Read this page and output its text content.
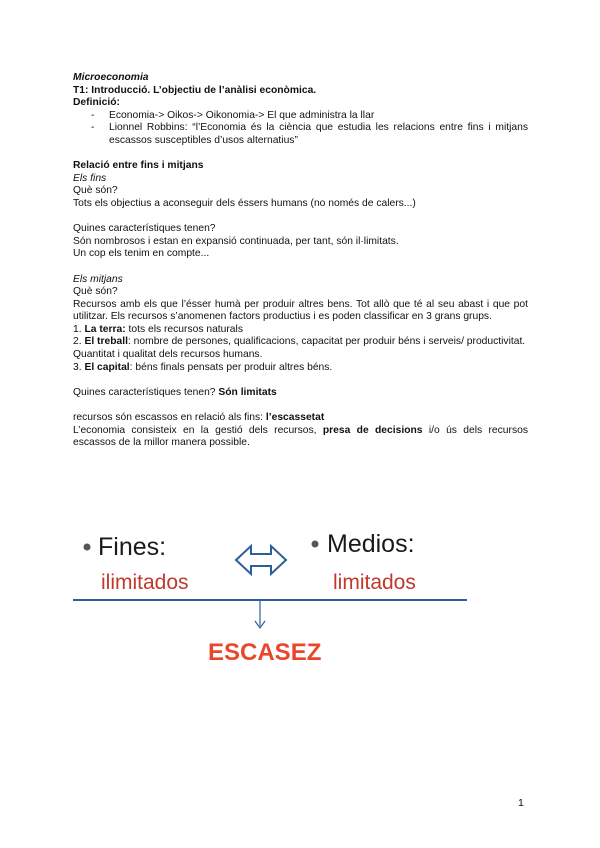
Microeconomia
T1: Introducció. L’objectiu de l’anàlisi econòmica.
Definició:
- Economia-> Oikos-> Oikonomia-> El que administra la llar
- Lionnel Robbins: “l’Economia és la ciència que estudia les relacions entre fins i mitjans escassos susceptibles d’usos alternatius”
Relació entre fins i mitjans
Els fins
Què són?
Tots els objectius a aconseguir dels éssers humans (no només de calers...)
Quines característiques tenen?
Són nombrosos i estan en expansió continuada, per tant, són il·limitats.
Un cop els tenim en compte...
Els mitjans
Què són?
Recursos amb els que l’ésser humà per produir altres bens. Tot allò que té al seu abast i que pot utilitzar. Els recursos s’anomenen factors productius i es poden classificar en 3 grans grups.
1. La terra: tots els recursos naturals
2. El treball: nombre de persones, qualificacions, capacitat per produir béns i serveis/ productivitat. Quantitat i qualitat dels recursos humans.
3. El capital: béns finals pensats per produir altres béns.
Quines característiques tenen? Són limitats
recursos són escassos en relació als fins: l’escassetat
L’economia consisteix en la gestió dels recursos, presa de decisions i/o ús dels recursos escassos de la millor manera possible.
Fines:
ilimitados
Medios:
limitados
ESCASEZ
1
